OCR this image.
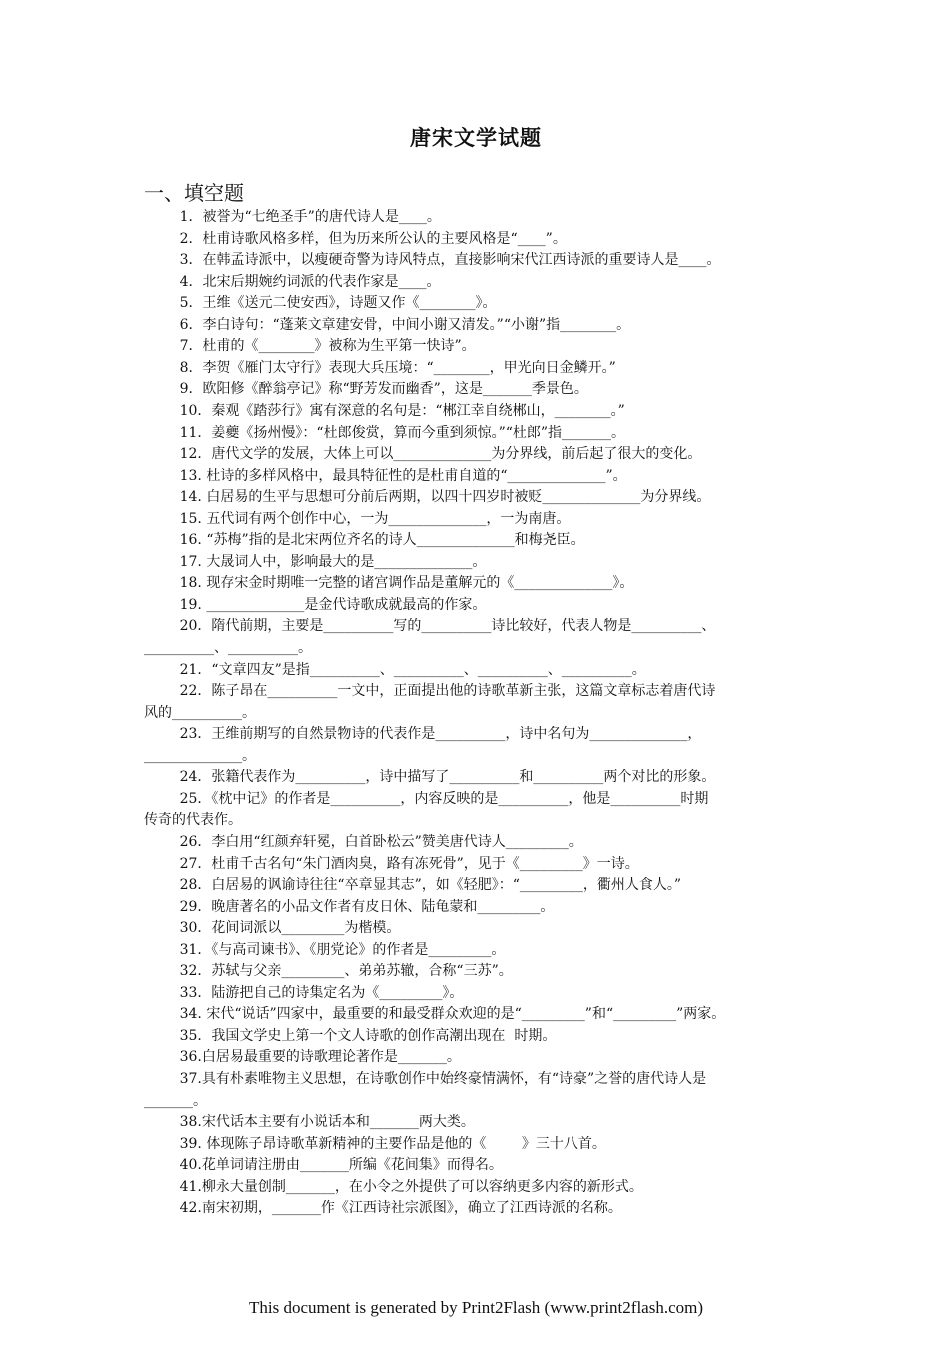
唐宋文学试题
一、填空题
1．被誉为“七绝圣手”的唐代诗人是____。
2．杜甫诗歌风格多样，但为历来所公认的主要风格是“____”。
3．在韩孟诗派中，以瘦硬奇警为诗风特点，直接影响宋代江西诗派的重要诗人是____。
4．北宋后期婉约词派的代表作家是____。
5．王维《送元二使安西》，诗题又作《________》。
6．李白诗句：“蓬莱文章建安骨，中间小谢又清发。”“小谢”指________。
7．杜甫的《________》被称为生平第一快诗”。
8．李贺《雁门太守行》表现大兵压境：“________，甲光向日金鳞开。”
9．欧阳修《醉翁亭记》称“野芳发而幽香”，这是_______季景色。
10．秦观《踏莎行》寓有深意的名句是：“郴江幸自绕郴山，________。”
11．姜夔《扬州慢》：“杜郎俊赏，算而今重到须惊。”“杜郎”指_______。
12．唐代文学的发展，大体上可以______________为分界线，前后起了很大的变化。
13. 杜诗的多样风格中，最具特征性的是杜甫自道的“______________”。
14. 白居易的生平与思想可分前后两期，以四十四岁时被贬______________为分界线。
15. 五代词有两个创作中心，一为______________，一为南唐。
16. “苏梅”指的是北宋两位齐名的诗人______________和梅尧臣。
17. 大晟词人中，影响最大的是______________。
18. 现存宋金时期唯一完整的诸宫调作品是董解元的《______________》。
19. ______________是金代诗歌成就最高的作家。
20．隋代前期，主要是__________写的__________诗比较好，代表人物是__________、
__________、__________。
21．“文章四友”是指__________、__________、__________、__________。
22．陈子昂在__________一文中，正面提出他的诗歌革新主张，这篇文章标志着唐代诗
风的__________。
23．王维前期写的自然景物诗的代表作是__________，诗中名句为______________，
______________。
24．张籍代表作为__________，诗中描写了__________和__________两个对比的形象。
25．《枕中记》的作者是__________，内容反映的是__________，他是__________时期
传奇的代表作。
26．李白用“红颜弃轩冕，白首卧松云”赞美唐代诗人_________。
27．杜甫千古名句“朱门酒肉臭，路有冻死骨”，见于《_________》一诗。
28．白居易的讽谕诗往往“卒章显其志”，如《轻肥》：“_________，衢州人食人。”
29．晚唐著名的小品文作者有皮日休、陆龟蒙和_________。
30．花间词派以_________为楷模。
31．《与高司谏书》、《朋党论》的作者是_________。
32．苏轼与父亲_________、弟弟苏辙，合称“三苏”。
33．陆游把自己的诗集定名为《_________》。
34. 宋代“说话”四家中，最重要的和最受群众欢迎的是“_________”和“_________”两家。
35．我国文学史上第一个文人诗歌的创作高潮出现在  时期。
36.白居易最重要的诗歌理论著作是_______。
37.具有朴素唯物主义思想，在诗歌创作中始终豪情满怀，有“诗豪”之誉的唐代诗人是
_______。
38.宋代话本主要有小说话本和_______两大类。
39. 体现陈子昂诗歌革新精神的主要作品是他的《        》三十八首。
40.花单词请注册由_______所编《花间集》而得名。
41.柳永大量创制_______，在小令之外提供了可以容纳更多内容的新形式。
42.南宋初期，_______作《江西诗社宗派图》，确立了江西诗派的名称。
This document is generated by Print2Flash (www.print2flash.com)
